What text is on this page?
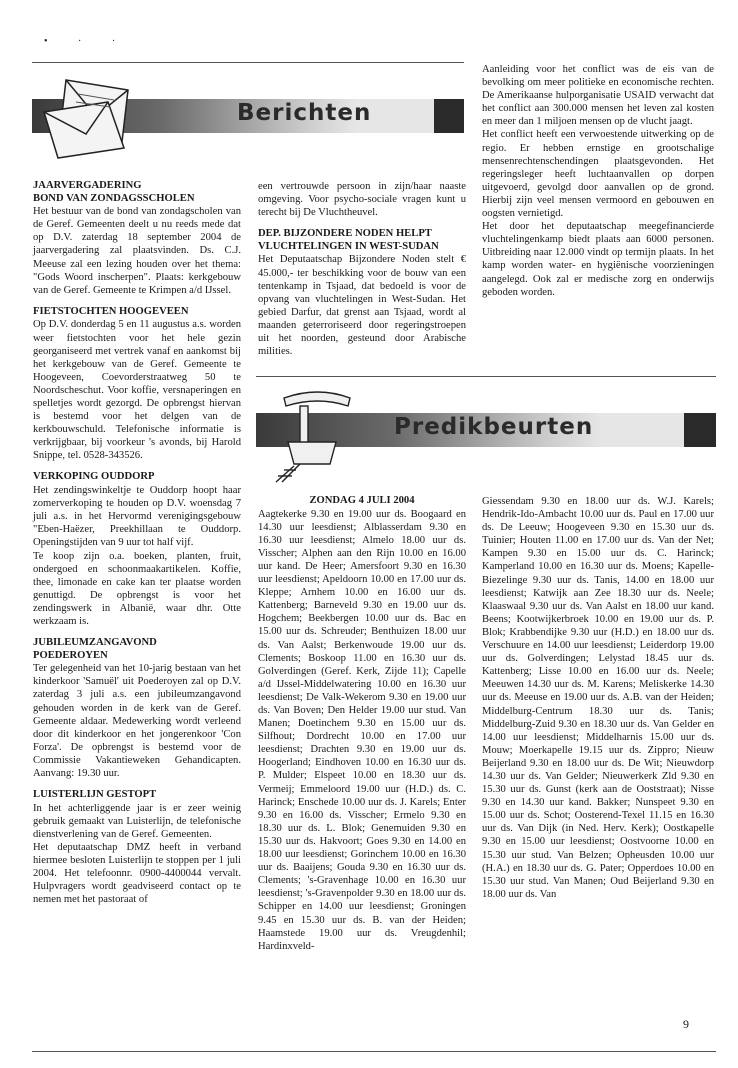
• · ·
Berichten
Predikbeurten

JAARVERGADERING
BOND VAN ZONDAGSSCHOLEN

Het bestuur van de bond van zondagscholen van de Geref. Gemeenten deelt u nu reeds mede dat op D.V. zaterdag 18 september 2004 de jaarvergadering zal plaatsvinden. Ds. C.J. Meeuse zal een lezing houden over het thema: "Gods Woord inscherpen". Plaats: kerkgebouw van de Geref. Gemeente te Krimpen a/d IJssel.

FIETSTOCHTEN HOOGEVEEN

Op D.V. donderdag 5 en 11 augustus a.s. worden weer fietstochten voor het hele gezin georganiseerd met vertrek vanaf en aankomst bij het kerkgebouw van de Geref. Gemeente te Hoogeveen, Coevorderstraatweg 50 te Noordscheschut. Voor koffie, versnaperingen en spelletjes wordt gezorgd. De opbrengst hiervan is bestemd voor het delgen van de kerkbouwschuld. Telefonische informatie is verkrijgbaar, bij voorkeur 's avonds, bij Harold Snippe, tel. 0528-343526.

VERKOPING OUDDORP

Het zendingswinkeltje te Ouddorp hoopt haar zomerverkoping te houden op D.V. woensdag 7 juli a.s. in het Hervormd verenigingsgebouw "Eben-Haëzer, Preekhillaan te Ouddorp. Openingstijden van 9 uur tot half vijf.
Te koop zijn o.a. boeken, planten, fruit, ondergoed en schoonmaakartikelen. Koffie, thee, limonade en cake kan ter plaatse worden genuttigd. De opbrengst is voor het zendingswerk in Albanië, waar dhr. Otte werkzaam is.

JUBILEUMZANGAVOND
POEDEROYEN

Ter gelegenheid van het 10-jarig bestaan van het kinderkoor 'Samuël' uit Poederoyen zal op D.V. zaterdag 3 juli a.s. een jubileumzangavond gehouden worden in de kerk van de Geref. Gemeente aldaar. Medewerking wordt verleend door dit kinderkoor en het jongerenkoor 'Con Forza'. De opbrengst is bestemd voor de Commissie Vakantieweken Gehandicapten. Aanvang: 19.30 uur.

LUISTERLIJN GESTOPT

In het achterliggende jaar is er zeer weinig gebruik gemaakt van Luisterlijn, de telefonische dienstverlening van de Geref. Gemeenten.
Het deputaatschap DMZ heeft in verband hiermee besloten Luisterlijn te stoppen per 1 juli 2004. Het telefoonnr. 0900-4400044 vervalt. Hulpvragers wordt geadviseerd contact op te nemen met het pastoraat of

een vertrouwde persoon in zijn/haar naaste omgeving. Voor psycho-sociale vragen kunt u terecht bij De Vluchtheuvel.

DEP. BIJZONDERE NODEN HELPT
VLUCHTELINGEN IN WEST-SUDAN

Het Deputaatschap Bijzondere Noden stelt € 45.000,- ter beschikking voor de bouw van een tentenkamp in Tsjaad, dat bedoeld is voor de opvang van vluchtelingen in West-Sudan. Het gebied Darfur, dat grenst aan Tsjaad, wordt al maanden geterroriseerd door regeringstroepen uit het noorden, gesteund door Arabische milities.

Aanleiding voor het conflict was de eis van de bevolking om meer politieke en economische rechten. De Amerikaanse hulporganisatie USAID verwacht dat het conflict aan 300.000 mensen het leven zal kosten en meer dan 1 miljoen mensen op de vlucht jaagt.
Het conflict heeft een verwoestende uitwerking op de regio. Er hebben ernstige en grootschalige mensenrechtenschendingen plaatsgevonden. Het regeringsleger heeft luchtaanvallen op dorpen uitgevoerd, gevolgd door aanvallen op de grond. Hierbij zijn veel mensen vermoord en gebouwen en oogsten vernietigd.
Het door het deputaatschap meegefinancierde vluchtelingenkamp biedt plaats aan 6000 personen. Uitbreiding naar 12.000 vindt op termijn plaats. In het kamp worden water- en hygiënische voorzieningen aangelegd. Ook zal er medische zorg en onderwijs geboden worden.

ZONDAG 4 JULI 2004

Aagtekerke 9.30 en 19.00 uur ds. Boogaard en 14.30 uur leesdienst; Alblasserdam 9.30 en 16.30 uur leesdienst; Almelo 18.00 uur ds. Visscher; Alphen aan den Rijn 10.00 en 16.00 uur kand. De Heer; Amersfoort 9.30 en 16.30 uur leesdienst; Apeldoorn 10.00 en 17.00 uur ds. Kleppe; Arnhem 10.00 en 16.00 uur ds. Kattenberg; Barneveld 9.30 en 19.00 uur ds. Hogchem; Beekbergen 10.00 uur ds. Bac en 15.00 uur ds. Schreuder; Benthuizen 18.00 uur ds. Van Aalst; Berkenwoude 19.00 uur ds. Clements; Boskoop 11.00 en 16.30 uur ds. Golverdingen (Geref. Kerk, Zijde 11); Capelle a/d IJssel-Middelwatering 10.00 en 16.30 uur leesdienst; De Valk-Wekerom 9.30 en 19.00 uur ds. Van Boven; Den Helder 19.00 uur stud. Van Manen; Doetinchem 9.30 en 15.00 uur ds. Silfhout; Dordrecht 10.00 en 17.00 uur leesdienst; Drachten 9.30 en 19.00 uur ds. Hoogerland; Eindhoven 10.00 en 16.30 uur ds. P. Mulder; Elspeet 10.00 en 18.30 uur ds. Vermeij; Emmeloord 19.00 uur (H.D.) ds. C. Harinck; Enschede 10.00 uur ds. J. Karels; Enter 9.30 en 16.00 ds. Visscher; Ermelo 9.30 en 18.30 uur ds. L. Blok; Genemuiden 9.30 en 15.30 uur ds. Hakvoort; Goes 9.30 en 14.00 en 18.00 uur leesdienst; Gorinchem 10.00 en 16.30 uur ds. Baaijens; Gouda 9.30 en 16.30 uur ds. Clements; 's-Gravenhage 10.00 en 16.30 uur leesdienst; 's-Gravenpolder 9.30 en 18.00 uur ds. Schipper en 14.00 uur leesdienst; Groningen 9.45 en 15.30 uur ds. B. van der Heiden; Haamstede 19.00 uur ds. Vreugdenhil; Hardinxveld-

Giessendam 9.30 en 18.00 uur ds. W.J. Karels; Hendrik-Ido-Ambacht 10.00 uur ds. Paul en 17.00 uur ds. De Leeuw; Hoogeveen 9.30 en 15.30 uur ds. Tuinier; Houten 11.00 en 17.00 uur ds. Van der Net; Kampen 9.30 en 15.00 uur ds. C. Harinck; Kamperland 10.00 en 16.30 uur ds. Moens; Kapelle-Biezelinge 9.30 uur ds. Tanis, 14.00 en 18.00 uur leesdienst; Katwijk aan Zee 18.30 uur ds. Neele; Klaaswaal 9.30 uur ds. Van Aalst en 18.00 uur kand. Beens; Kootwijkerbroek 10.00 en 19.00 uur ds. P. Blok; Krabbendijke 9.30 uur (H.D.) en 18.00 uur ds. Verschuure en 14.00 uur leesdienst; Leiderdorp 19.00 uur ds. Golverdingen; Lelystad 18.45 uur ds. Kattenberg; Lisse 10.00 en 16.00 uur ds. Neele; Meeuwen 14.30 uur ds. M. Karens; Meliskerke 14.30 uur ds. Meeuse en 19.00 uur ds. A.B. van der Heiden; Middelburg-Centrum 18.30 uur ds. Tanis; Middelburg-Zuid 9.30 en 18.30 uur ds. Van Gelder en 14.00 uur leesdienst; Middelharnis 15.00 uur ds. Mouw; Moerkapelle 19.15 uur ds. Zippro; Nieuw Beijerland 9.30 en 18.00 uur ds. De Wit; Nieuwdorp 14.30 uur ds. Van Gelder; Nieuwerkerk Zld 9.30 en 15.30 uur ds. Gunst (kerk aan de Ooststraat); Nisse 9.30 en 14.30 uur kand. Bakker; Nunspeet 9.30 en 15.00 uur ds. Schot; Oosterend-Texel 11.15 en 16.30 uur ds. Van Dijk (in Ned. Herv. Kerk); Oostkapelle 9.30 en 15.00 uur leesdienst; Oostvoorne 10.00 en 15.30 uur stud. Van Belzen; Opheusden 10.00 uur (H.A.) en 18.30 uur ds. G. Pater; Opperdoes 10.00 en 15.30 uur stud. Van Manen; Oud Beijerland 9.30 en 18.00 uur ds. Van

9
